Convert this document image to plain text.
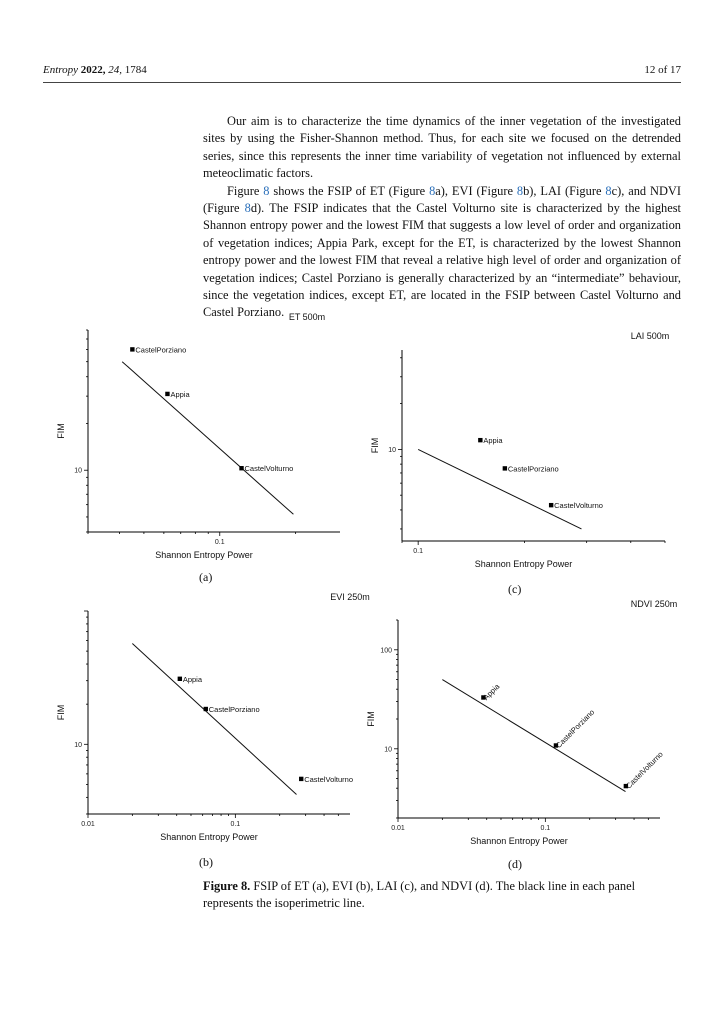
Entropy 2022, 24, 1784	12 of 17

Our aim is to characterize the time dynamics of the inner vegetation of the investigated sites by using the Fisher-Shannon method. Thus, for each site we focused on the detrended series, since this represents the inner time variability of vegetation not influenced by external meteoclimatic factors.

Figure 8 shows the FSIP of ET (Figure 8a), EVI (Figure 8b), LAI (Figure 8c), and NDVI (Figure 8d). The FSIP indicates that the Castel Volturno site is characterized by the highest Shannon entropy power and the lowest FIM that suggests a low level of order and organization of vegetation indices; Appia Park, except for the ET, is characterized by the lowest Shannon entropy power and the lowest FIM that reveal a relative high level of order and organization of vegetation indices; Castel Porziano is generally characterized by an “intermediate” behaviour, since the vegetation indices, except ET, are located in the FSIP between Castel Volturno and Castel Porziano.

(a)
(c)
(b)	(d)
Figure 8. FSIP of ET (a), EVI (b), LAI (c), and NDVI (d). The black line in each panel represents the isoperimetric line.
0.1
10
Shannon Entropy Power
FIM
ET 500m
CastelPorziano
Appia
CastelVolturno
0.1
10
Shannon Entropy Power
FIM
LAI 500m
Appia
CastelPorziano
CastelVolturno
0.01	0.1
10
Shannon Entropy Power
FIM
EVI 250m
Appia
CastelPorziano
CastelVolturno
0.01	0.1
10
100
Shannon Entropy Power
FIM
NDVI 250m
Appia
CastelPorziano
CastelVolturno
